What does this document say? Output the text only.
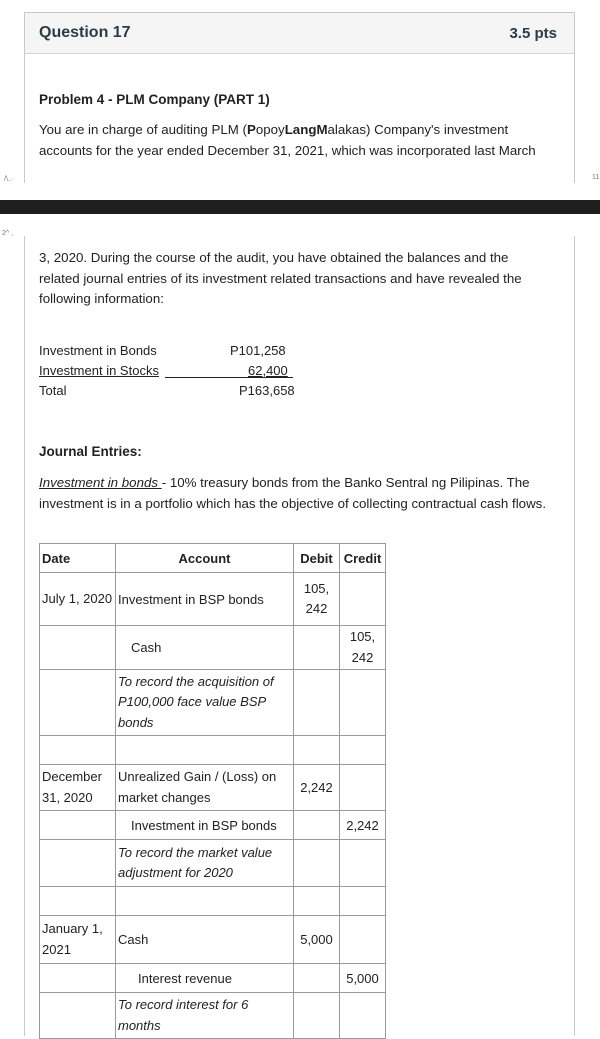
Question 17	3.5 pts
Problem 4 - PLM Company (PART 1)
You are in charge of auditing PLM (PopoyLangMalakas) Company's investment accounts for the year ended December 31, 2021, which was incorporated last March
/\..·	11
2^ ,
3, 2020. During the course of the audit, you have obtained the balances and the related journal entries of its investment related transactions and have revealed the following information:
Investment in Bonds	P101,258
Investment in Stocks	62,400
Total	P163,658
Journal Entries:
Investment in bonds - 10% treasury bonds from the Banko Sentral ng Pilipinas. The investment is in a portfolio which has the objective of collecting contractual cash flows.
Date	Account	Debit	Credit
July 1, 2020	Investment in BSP bonds	105, 242	
	Cash		105, 242
	To record the acquisition of P100,000 face value BSP bonds		

December 31, 2020	Unrealized Gain / (Loss) on market changes	2,242	
	Investment in BSP bonds		2,242
	To record the market value adjustment for 2020		

January 1, 2021	Cash	5,000	
	Interest revenue		5,000
	To record interest for 6 months		
